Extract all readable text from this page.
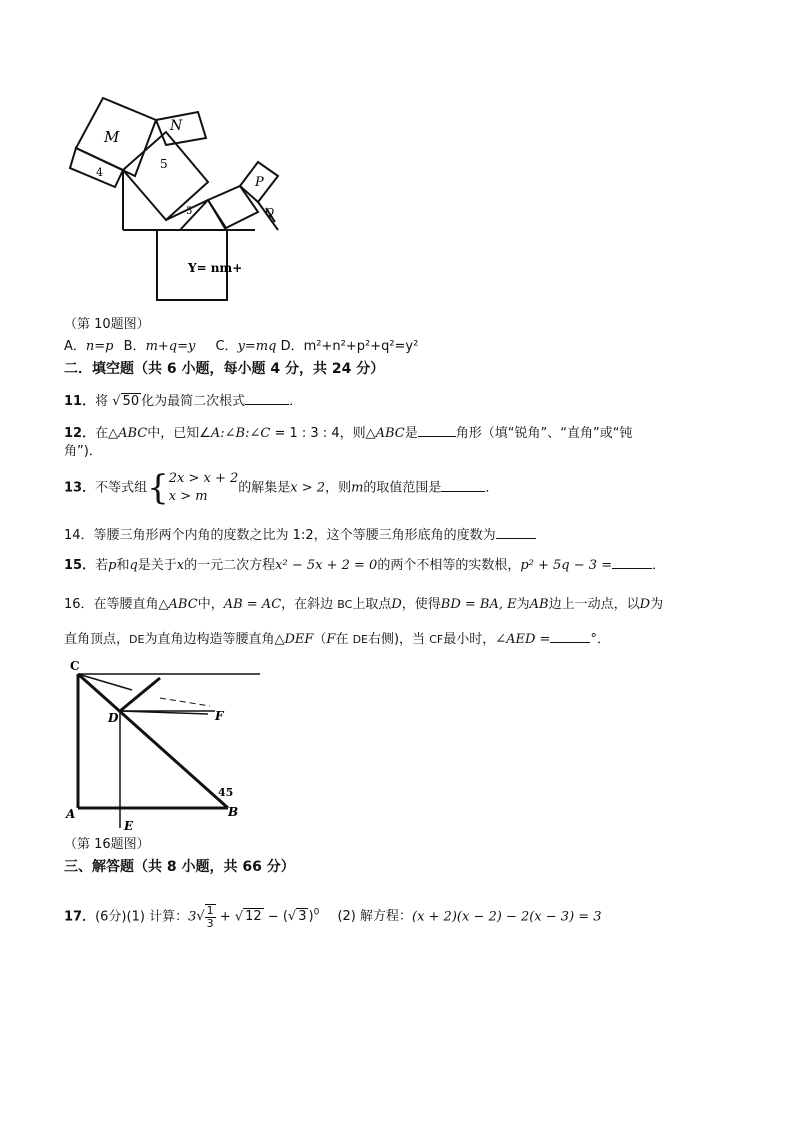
M
N
5
4
5
P
Q
Y= nm+
（第 10题图）
A．n=p B．m+q=y C．y=mq D．m²+n²+p²+q²=y²
二．填空题（共 6 小题，每小题 4 分，共 24 分）
11．将 √ 50 化为最简二次根式	．
12．在△ABC中，已知∠A:∠B:∠C = 1 : 3 : 4，则△ABC是	角形（填“锐角”、“直角”或“钝
角”)．
13．不等式组{ 2x > x + 2
x > m
的解集是x > 2，则m的取值范围是	．
14．等腰三角形两个内角的度数之比为 1:2，这个等腰三角形底角的度数为
15．若p和q是关于x的一元二次方程x² − 5x + 2 = 0的两个不相等的实数根，p² + 5q − 3 =	．
16．在等腰直角△ABC中，AB = AC，在斜边 BC上取点D，使得BD = BA, E为AB边上一动点，以D为
直角顶点，DE为直角边构造等腰直角△DEF（F在 DE右侧)，当 CF最小时，∠AED =	°．
C
D	F
45
A	B
E
（第 16题图）
三、解答题（共 8 小题，共 66 分）
17．(6分)(1) 计算：$3√ \frac{1}{3}$ + √ 12 − (√ 3 )$^0$ (2) 解方程：(x + 2)(x − 2) − 2(x − 3) = 3
